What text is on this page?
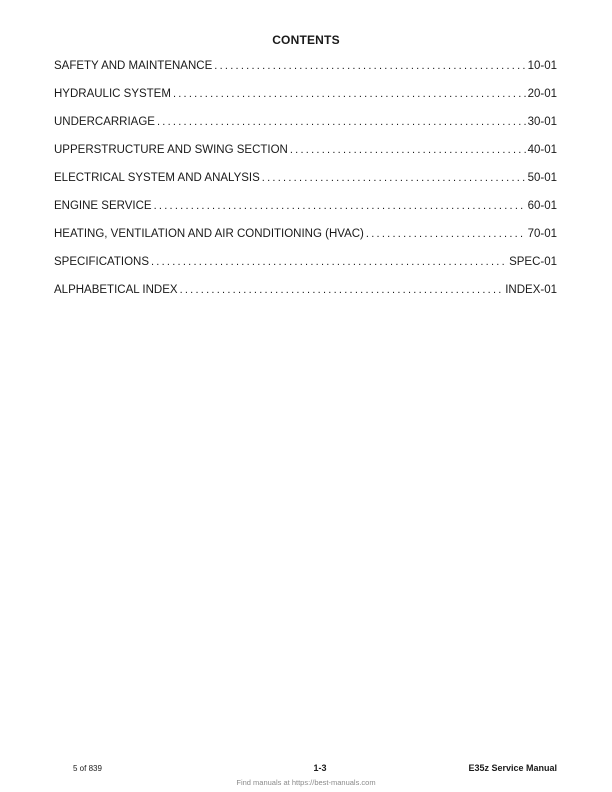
CONTENTS
SAFETY AND MAINTENANCE . . .	10-01
HYDRAULIC SYSTEM . . .	20-01
UNDERCARRIAGE . . .	30-01
UPPERSTRUCTURE AND SWING SECTION . . .	40-01
ELECTRICAL SYSTEM AND ANALYSIS . . .	50-01
ENGINE SERVICE . . .	60-01
HEATING, VENTILATION AND AIR CONDITIONING (HVAC) . . .	70-01
SPECIFICATIONS . . .	SPEC-01
ALPHABETICAL INDEX . . .	INDEX-01
5 of 839	1-3	E35z Service Manual
Find manuals at https://best-manuals.com
